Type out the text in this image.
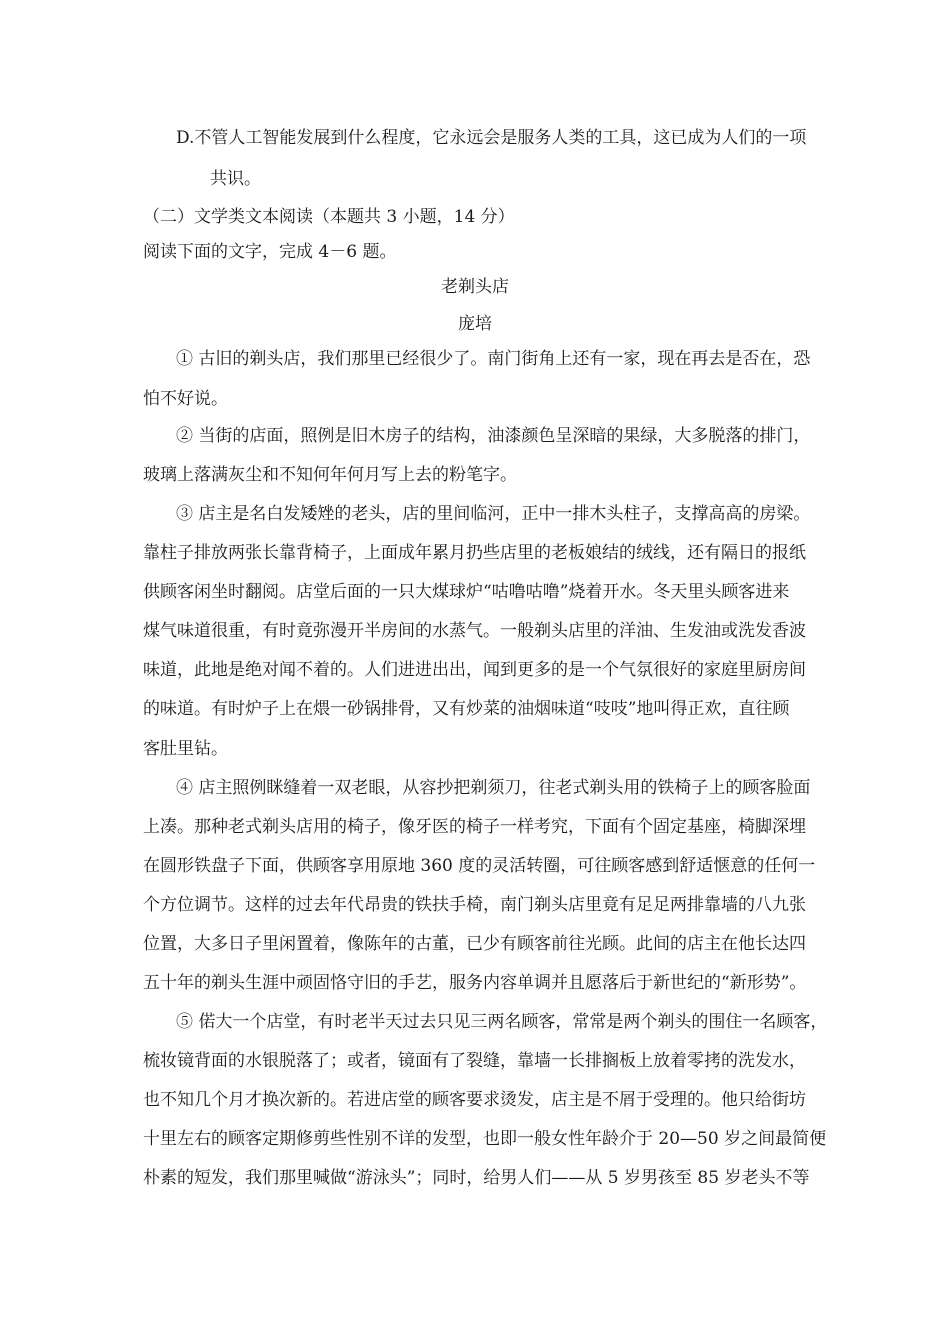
D.不管人工智能发展到什么程度，它永远会是服务人类的工具，这已成为人们的一项
共识。
（二）文学类文本阅读（本题共 3 小题，14 分）
阅读下面的文字，完成 4－6 题。
老剃头店
庞培
① 古旧的剃头店，我们那里已经很少了。南门街角上还有一家，现在再去是否在，恐
怕不好说。
② 当街的店面，照例是旧木房子的结构，油漆颜色呈深暗的果绿，大多脱落的排门，
玻璃上落满灰尘和不知何年何月写上去的粉笔字。
③ 店主是名白发矮矬的老头，店的里间临河，正中一排木头柱子，支撑高高的房梁。
靠柱子排放两张长靠背椅子，上面成年累月扔些店里的老板娘结的绒线，还有隔日的报纸
供顾客闲坐时翻阅。店堂后面的一只大煤球炉“咕噜咕噜”烧着开水。冬天里头顾客进来
煤气味道很重，有时竟弥漫开半房间的水蒸气。一般剃头店里的洋油、生发油或洗发香波
味道，此地是绝对闻不着的。人们进进出出，闻到更多的是一个气氛很好的家庭里厨房间
的味道。有时炉子上在煨一砂锅排骨，又有炒菜的油烟味道“吱吱”地叫得正欢，直往顾
客肚里钻。
④ 店主照例眯缝着一双老眼，从容抄把剃须刀，往老式剃头用的铁椅子上的顾客脸面
上凑。那种老式剃头店用的椅子，像牙医的椅子一样考究，下面有个固定基座，椅脚深埋
在圆形铁盘子下面，供顾客享用原地 360 度的灵活转圈，可往顾客感到舒适惬意的任何一
个方位调节。这样的过去年代昂贵的铁扶手椅，南门剃头店里竟有足足两排靠墙的八九张
位置，大多日子里闲置着，像陈年的古董，已少有顾客前往光顾。此间的店主在他长达四
五十年的剃头生涯中顽固恪守旧的手艺，服务内容单调并且愿落后于新世纪的“新形势”。
⑤ 偌大一个店堂，有时老半天过去只见三两名顾客，常常是两个剃头的围住一名顾客，
梳妆镜背面的水银脱落了；或者，镜面有了裂缝，靠墙一长排搁板上放着零拷的洗发水，
也不知几个月才换次新的。若进店堂的顾客要求烫发，店主是不屑于受理的。他只给街坊
十里左右的顾客定期修剪些性别不详的发型，也即一般女性年龄介于 20—50 岁之间最简便
朴素的短发，我们那里喊做“游泳头”；同时，给男人们——从 5 岁男孩至 85 岁老头不等
